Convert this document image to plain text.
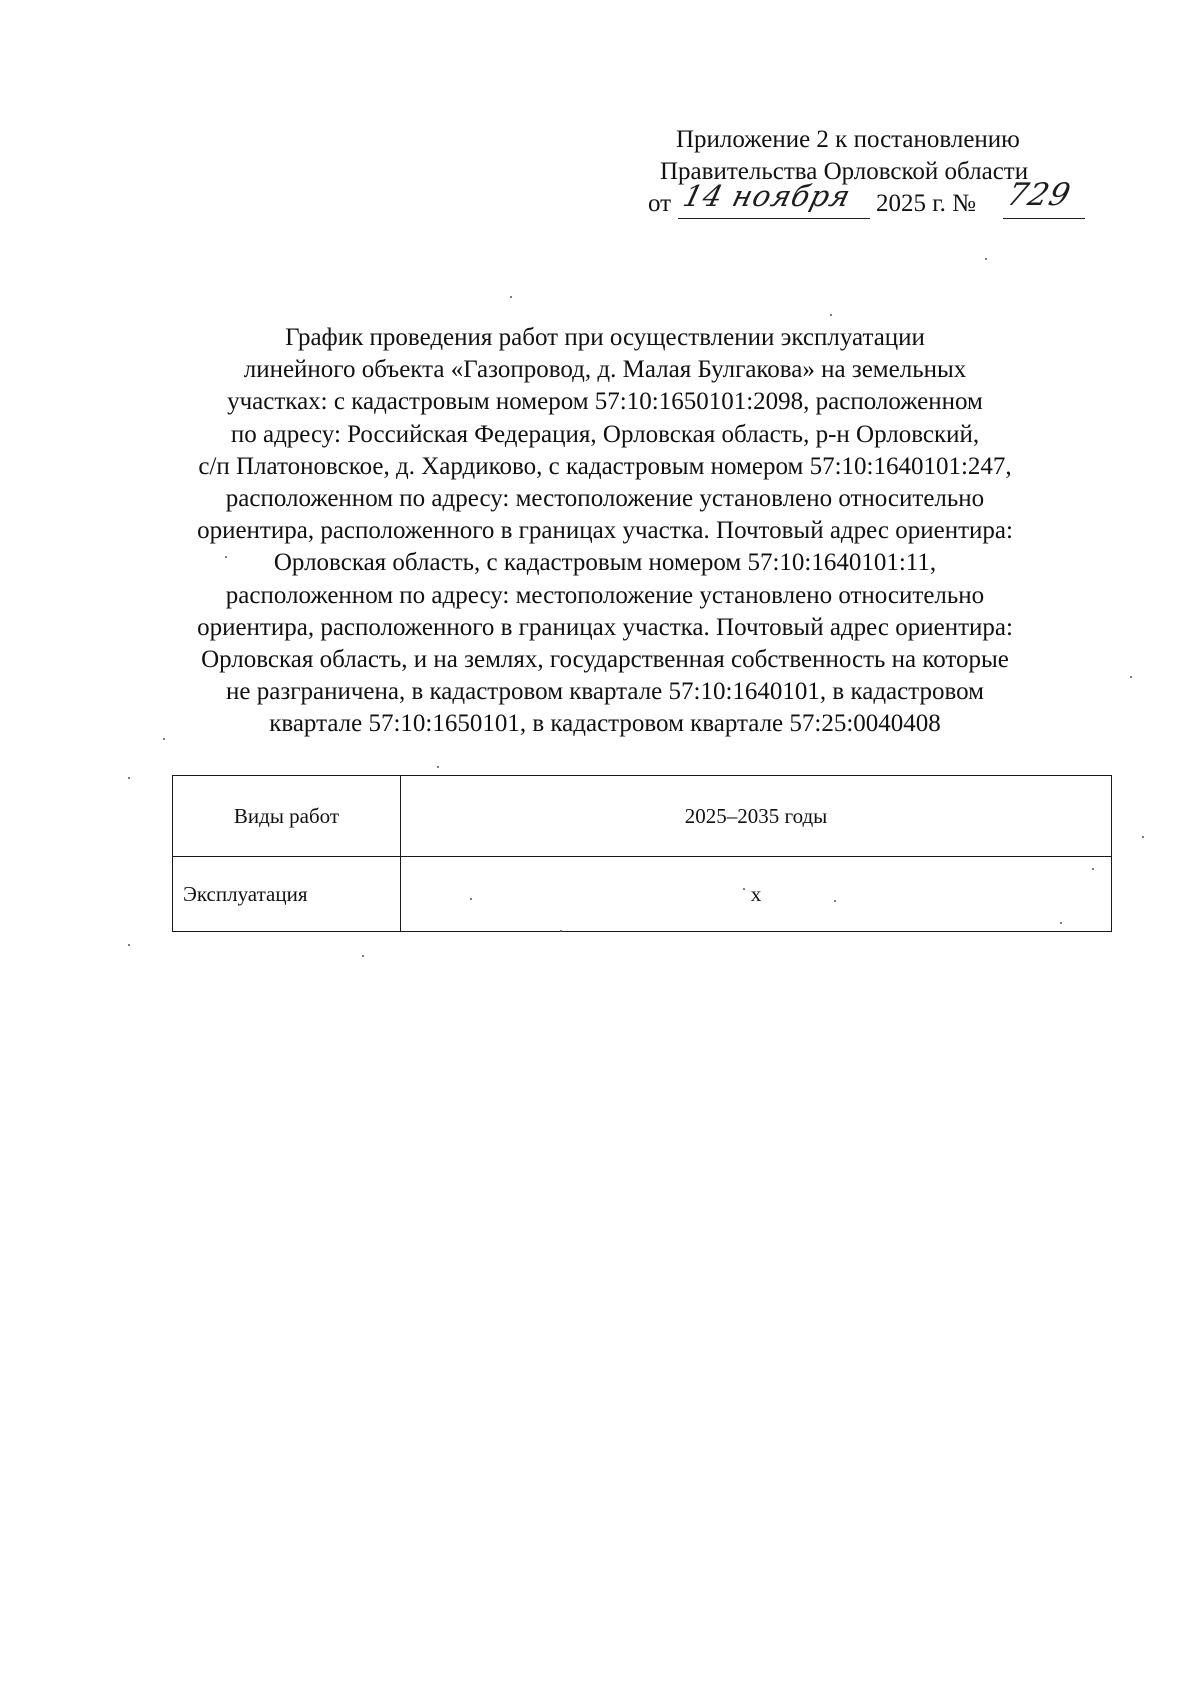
Приложение 2 к постановлению
Правительства Орловской области
от 14 ноября 2025 г. № 729
График проведения работ при осуществлении эксплуатации
линейного объекта «Газопровод, д. Малая Булгакова» на земельных
участках: с кадастровым номером 57:10:1650101:2098, расположенном
по адресу: Российская Федерация, Орловская область, р-н Орловский,
с/п Платоновское, д. Хардиково, с кадастровым номером 57:10:1640101:247,
расположенном по адресу: местоположение установлено относительно
ориентира, расположенного в границах участка. Почтовый адрес ориентира:
Орловская область, с кадастровым номером 57:10:1640101:11,
расположенном по адресу: местоположение установлено относительно
ориентира, расположенного в границах участка. Почтовый адрес ориентира:
Орловская область, и на землях, государственная собственность на которые
не разграничена, в кадастровом квартале 57:10:1640101, в кадастровом
квартале 57:10:1650101, в кадастровом квартале 57:25:0040408
Виды работ	2025–2035 годы
Эксплуатация	х
